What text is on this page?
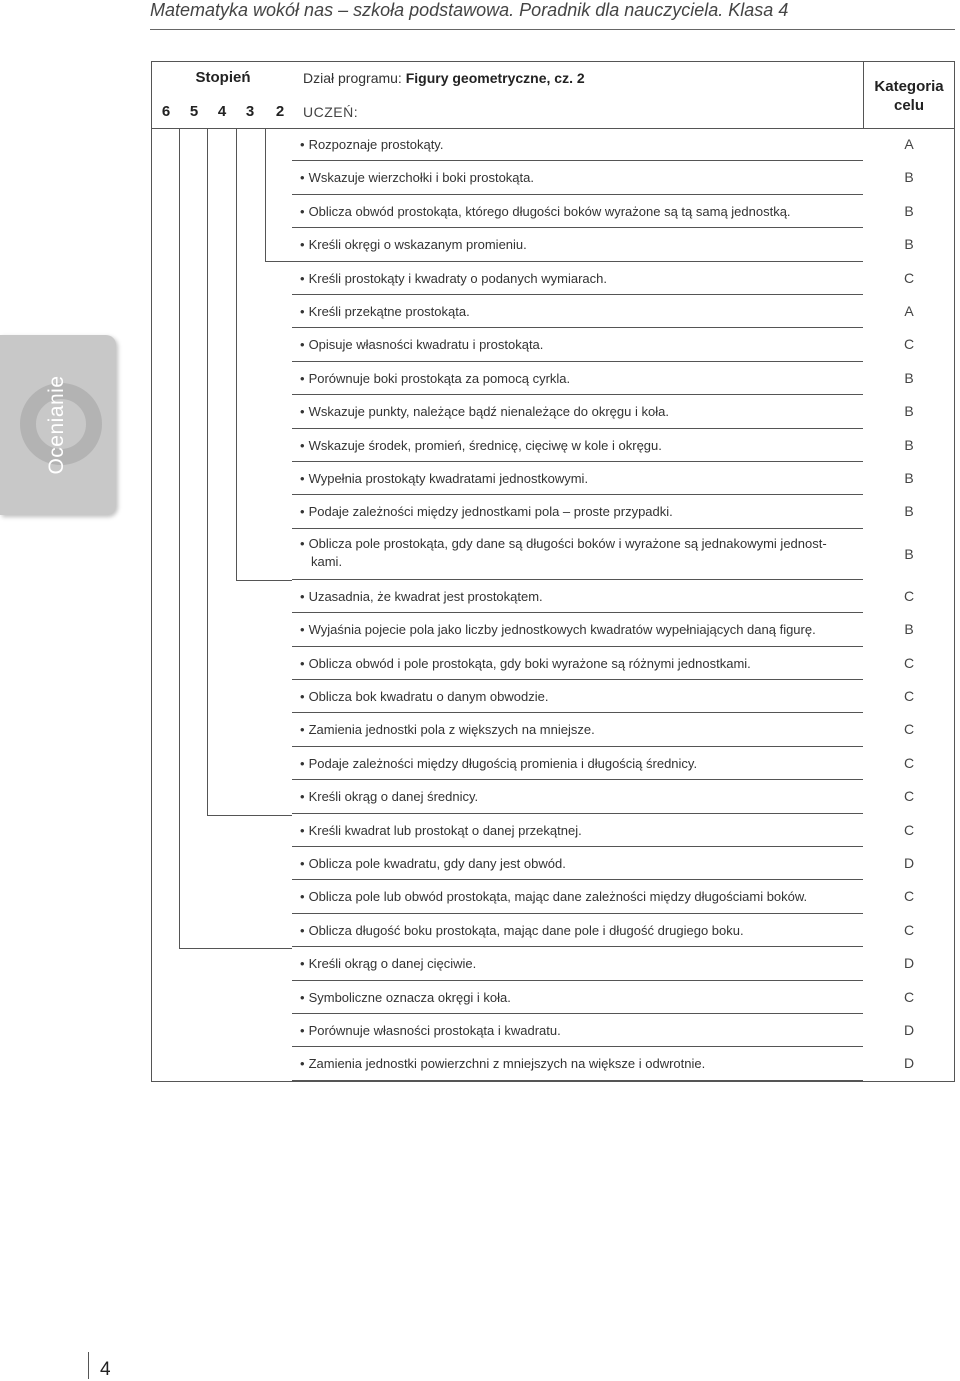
Matematyka wokół nas – szkoła podstawowa. Poradnik dla nauczyciela. Klasa 4
Ocenianie
Stopień
6	5	4	3	2
Dział programu: Figury geometryczne, cz. 2
UCZEŃ:
Kategoria
celu
• Rozpoznaje prostokąty.	A
• Wskazuje wierzchołki i boki prostokąta.	B
• Oblicza obwód prostokąta, którego długości boków wyrażone są tą samą jednostką.	B
• Kreśli okręgi o wskazanym promieniu.	B
• Kreśli prostokąty i kwadraty o podanych wymiarach.	C
• Kreśli przekątne prostokąta.	A
• Opisuje własności kwadratu i prostokąta.	C
• Porównuje boki prostokąta za pomocą cyrkla.	B
• Wskazuje punkty, należące bądź nienależące do okręgu i koła.	B
• Wskazuje środek, promień, średnicę, cięciwę w kole i okręgu.	B
• Wypełnia prostokąty kwadratami jednostkowymi.	B
• Podaje zależności między jednostkami pola – proste przypadki.	B
• Oblicza pole prostokąta, gdy dane są długości boków i wyrażone są jednakowymi jednost-
kami.	B
• Uzasadnia, że kwadrat jest prostokątem.	C
• Wyjaśnia pojecie pola jako liczby jednostkowych kwadratów wypełniających daną figurę.	B
• Oblicza obwód i pole prostokąta, gdy boki wyrażone są różnymi jednostkami.	C
• Oblicza bok kwadratu o danym obwodzie.	C
• Zamienia jednostki pola z większych na mniejsze.	C
• Podaje zależności między długością promienia i długością średnicy.	C
• Kreśli okrąg o danej średnicy.	C
• Kreśli kwadrat lub prostokąt o danej przekątnej.	C
• Oblicza pole kwadratu, gdy dany jest obwód.	D
• Oblicza pole lub obwód prostokąta, mając dane zależności między długościami boków.	C
• Oblicza długość boku prostokąta, mając dane pole i długość drugiego boku.	C
• Kreśli okrąg o danej cięciwie.	D
• Symboliczne oznacza okręgi i koła.	C
• Porównuje własności prostokąta i kwadratu.	D
• Zamienia jednostki powierzchni z mniejszych na większe i odwrotnie.	D
4
